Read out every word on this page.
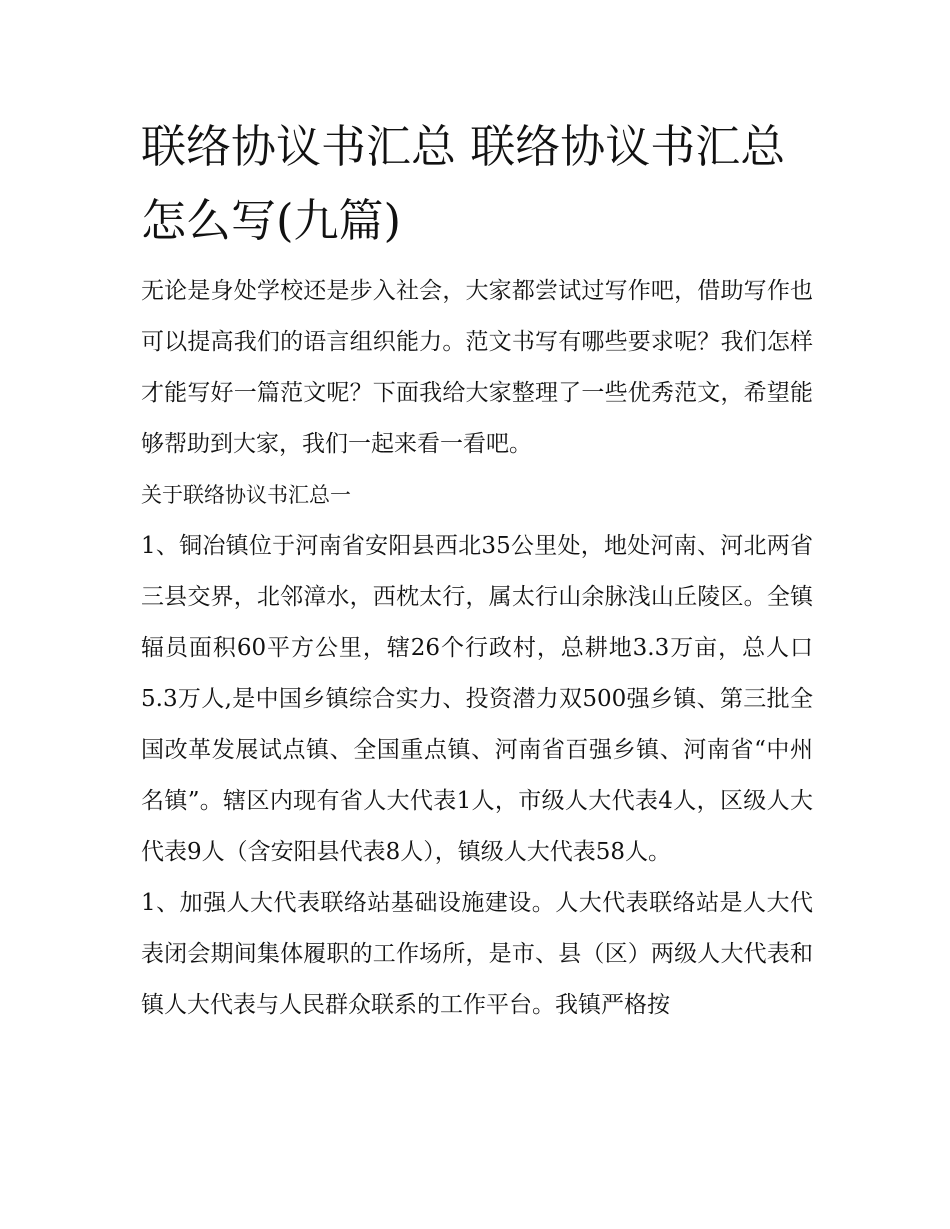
联络协议书汇总 联络协议书汇总怎么写(九篇)

无论是身处学校还是步入社会，大家都尝试过写作吧，借助写作也可以提高我们的语言组织能力。范文书写有哪些要求呢？我们怎样才能写好一篇范文呢？下面我给大家整理了一些优秀范文，希望能够帮助到大家，我们一起来看一看吧。

关于联络协议书汇总一

1、铜冶镇位于河南省安阳县西北35公里处，地处河南、河北两省三县交界，北邻漳水，西枕太行，属太行山余脉浅山丘陵区。全镇辐员面积60平方公里，辖26个行政村，总耕地3.3万亩，总人口5.3万人,是中国乡镇综合实力、投资潜力双500强乡镇、第三批全国改革发展试点镇、全国重点镇、河南省百强乡镇、河南省“中州名镇”。辖区内现有省人大代表1人，市级人大代表4人，区级人大代表9人（含安阳县代表8人），镇级人大代表58人。

1、加强人大代表联络站基础设施建设。人大代表联络站是人大代表闭会期间集体履职的工作场所，是市、县（区）两级人大代表和镇人大代表与人民群众联系的工作平台。我镇严格按
